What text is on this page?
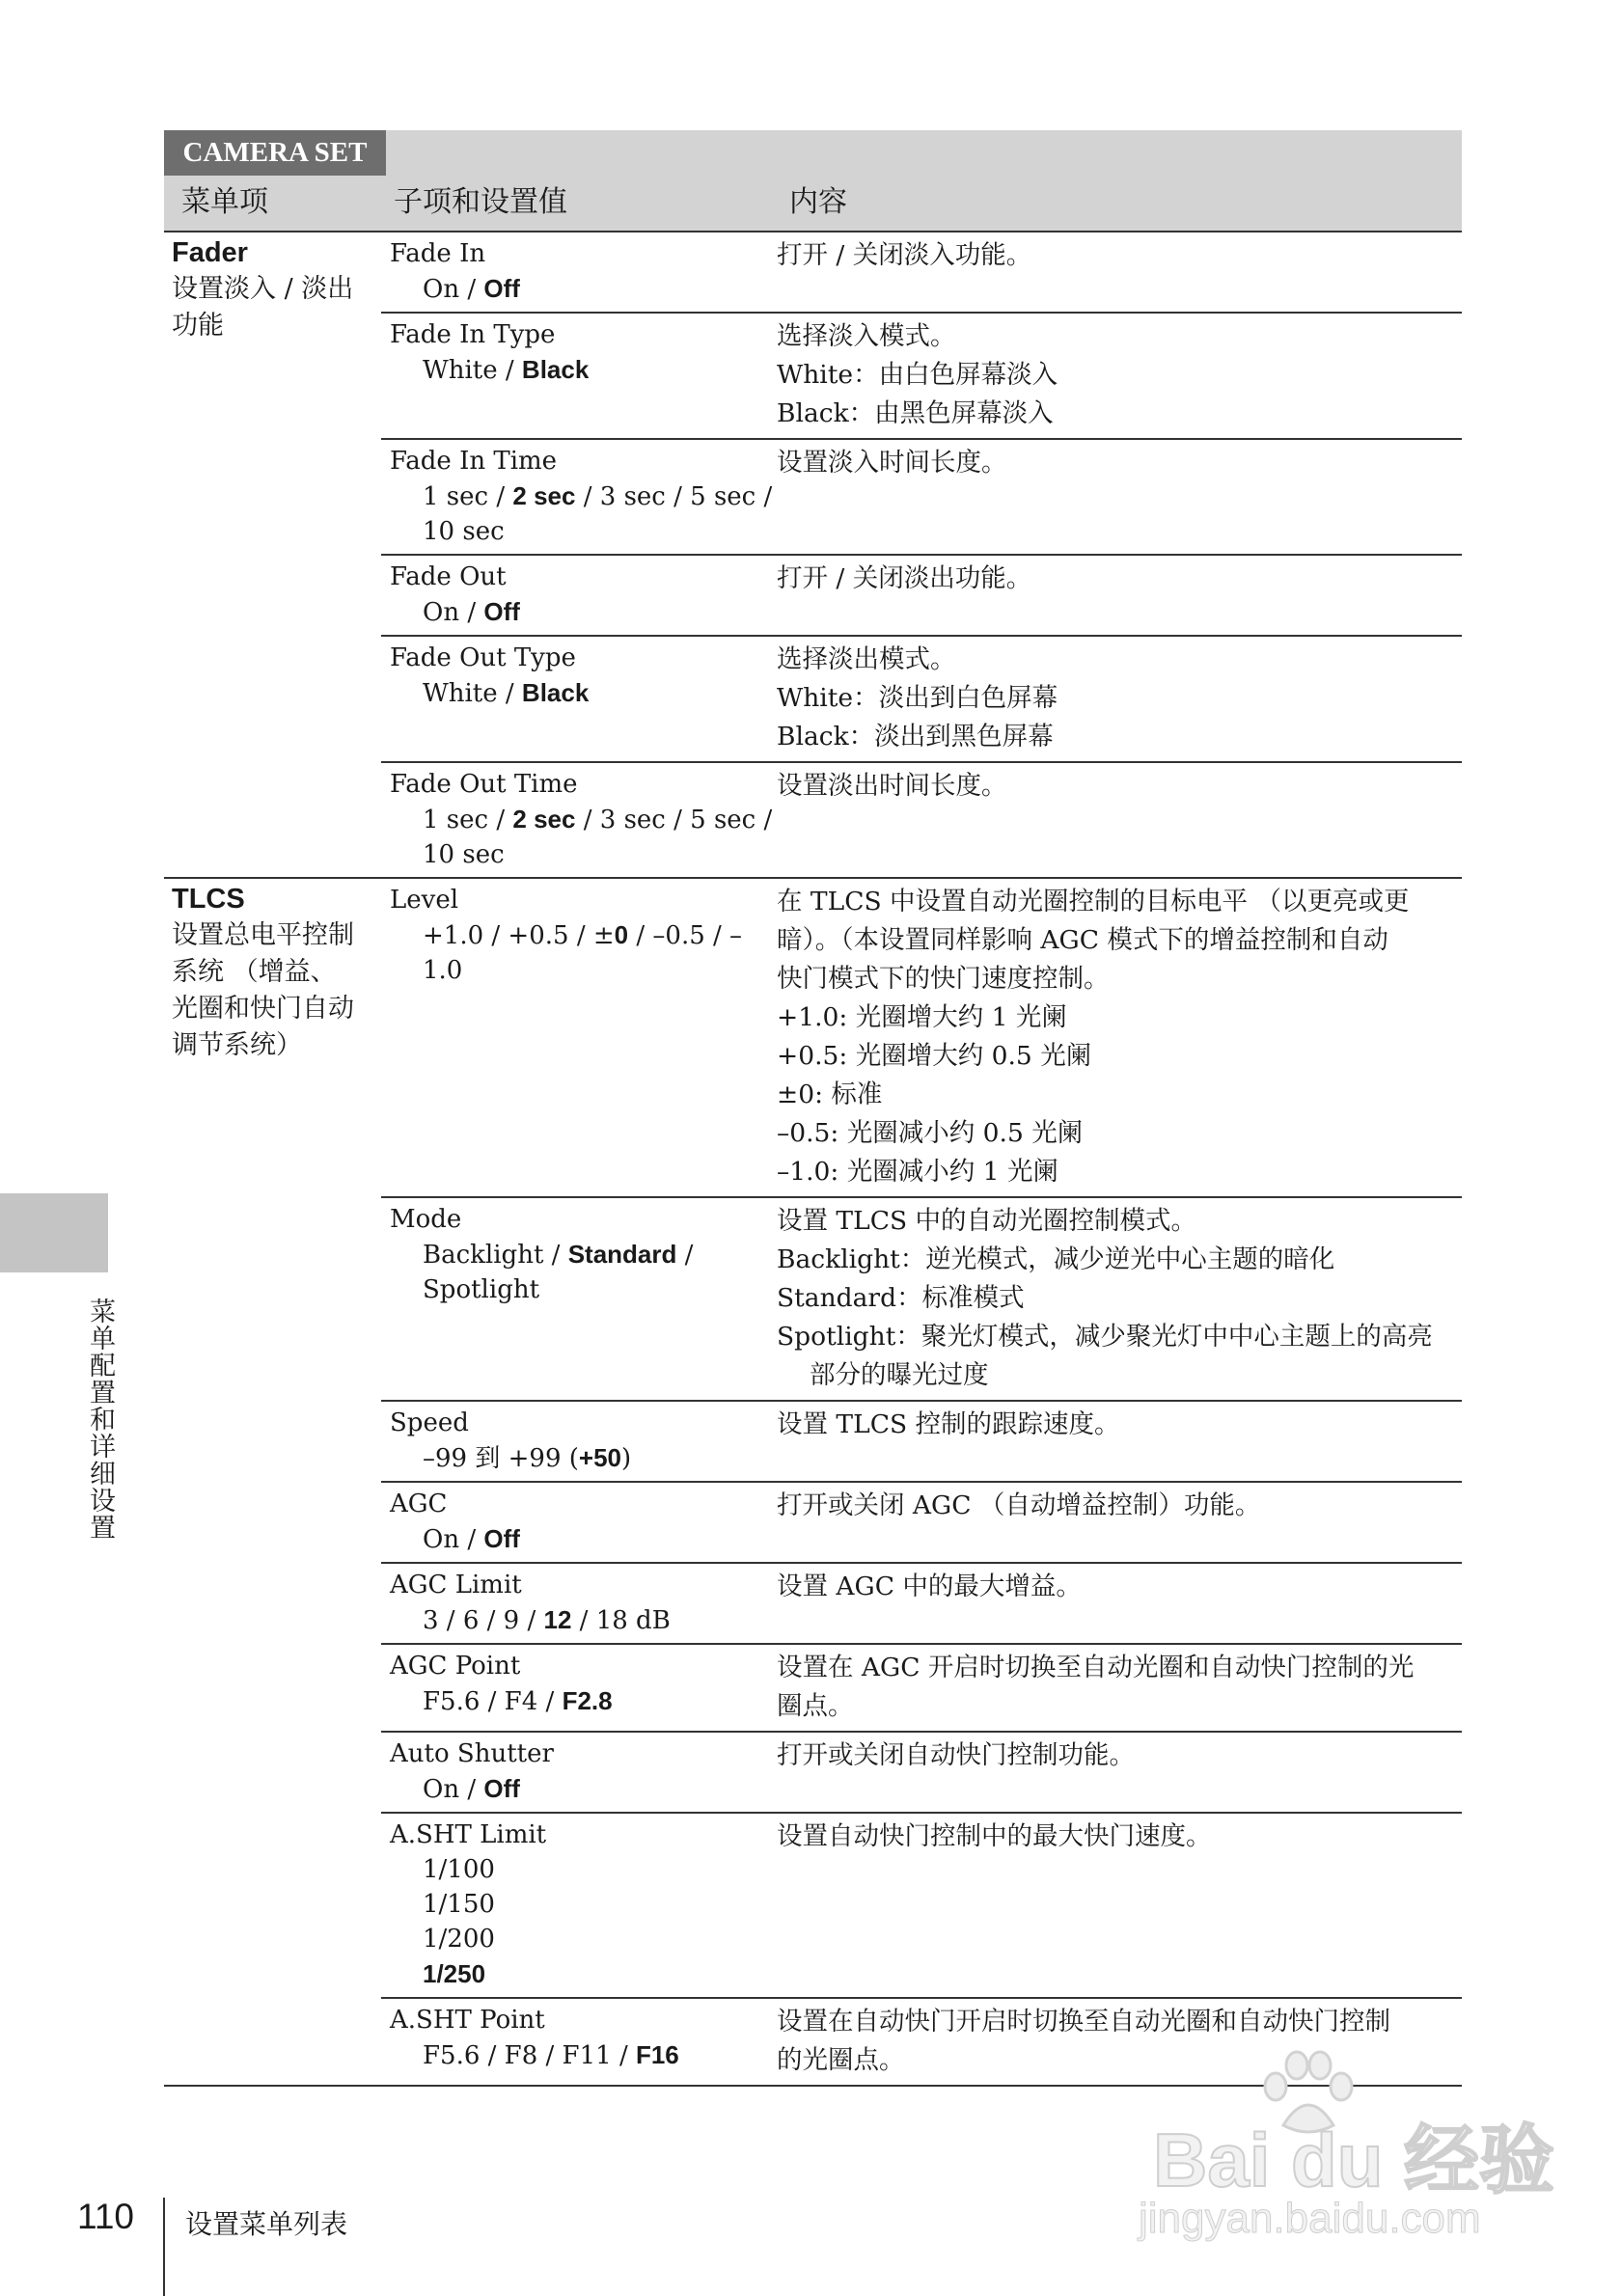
CAMERA SET
菜单项	子项和设置值	内容
Fader
设置淡入 / 淡出
功能
Fade In
On / Off
打开 / 关闭淡入功能。
Fade In Type
White / Black
选择淡入模式。
White：由白色屏幕淡入
Black：由黑色屏幕淡入
Fade In Time
1 sec / 2 sec / 3 sec / 5 sec /
10 sec
设置淡入时间长度。
Fade Out
On / Off
打开 / 关闭淡出功能。
Fade Out Type
White / Black
选择淡出模式。
White：淡出到白色屏幕
Black：淡出到黑色屏幕
Fade Out Time
1 sec / 2 sec / 3 sec / 5 sec /
10 sec
设置淡出时间长度。
TLCS
设置总电平控制
系统 （增益、
光圈和快门自动
调节系统）
Level
+1.0 / +0.5 / ±0 / –0.5 / –1.0
在 TLCS 中设置自动光圈控制的目标电平 （以更亮或更
暗）。（本设置同样影响 AGC 模式下的增益控制和自动
快门模式下的快门速度控制。
+1.0: 光圈增大约 1 光阑
+0.5: 光圈增大约 0.5 光阑
±0: 标准
–0.5: 光圈减小约 0.5 光阑
–1.0: 光圈减小约 1 光阑
Mode
Backlight / Standard /
Spotlight
设置 TLCS 中的自动光圈控制模式。
Backlight：逆光模式，减少逆光中心主题的暗化
Standard：标准模式
Spotlight：聚光灯模式，减少聚光灯中中心主题上的高亮
部分的曝光过度
Speed
–99 到 +99 (+50)
设置 TLCS 控制的跟踪速度。
AGC
On / Off
打开或关闭 AGC （自动增益控制）功能。
AGC Limit
3 / 6 / 9 / 12 / 18 dB
设置 AGC 中的最大增益。
AGC Point
F5.6 / F4 / F2.8
设置在 AGC 开启时切换至自动光圈和自动快门控制的光
圈点。
Auto Shutter
On / Off
打开或关闭自动快门控制功能。
A.SHT Limit
1/100
1/150
1/200
1/250
设置自动快门控制中的最大快门速度。
A.SHT Point
F5.6 / F8 / F11 / F16
设置在自动快门开启时切换至自动光圈和自动快门控制
的光圈点。
菜单配置和详细设置
110 设置菜单列表
Bai du 经验
jingyan.baidu.com
